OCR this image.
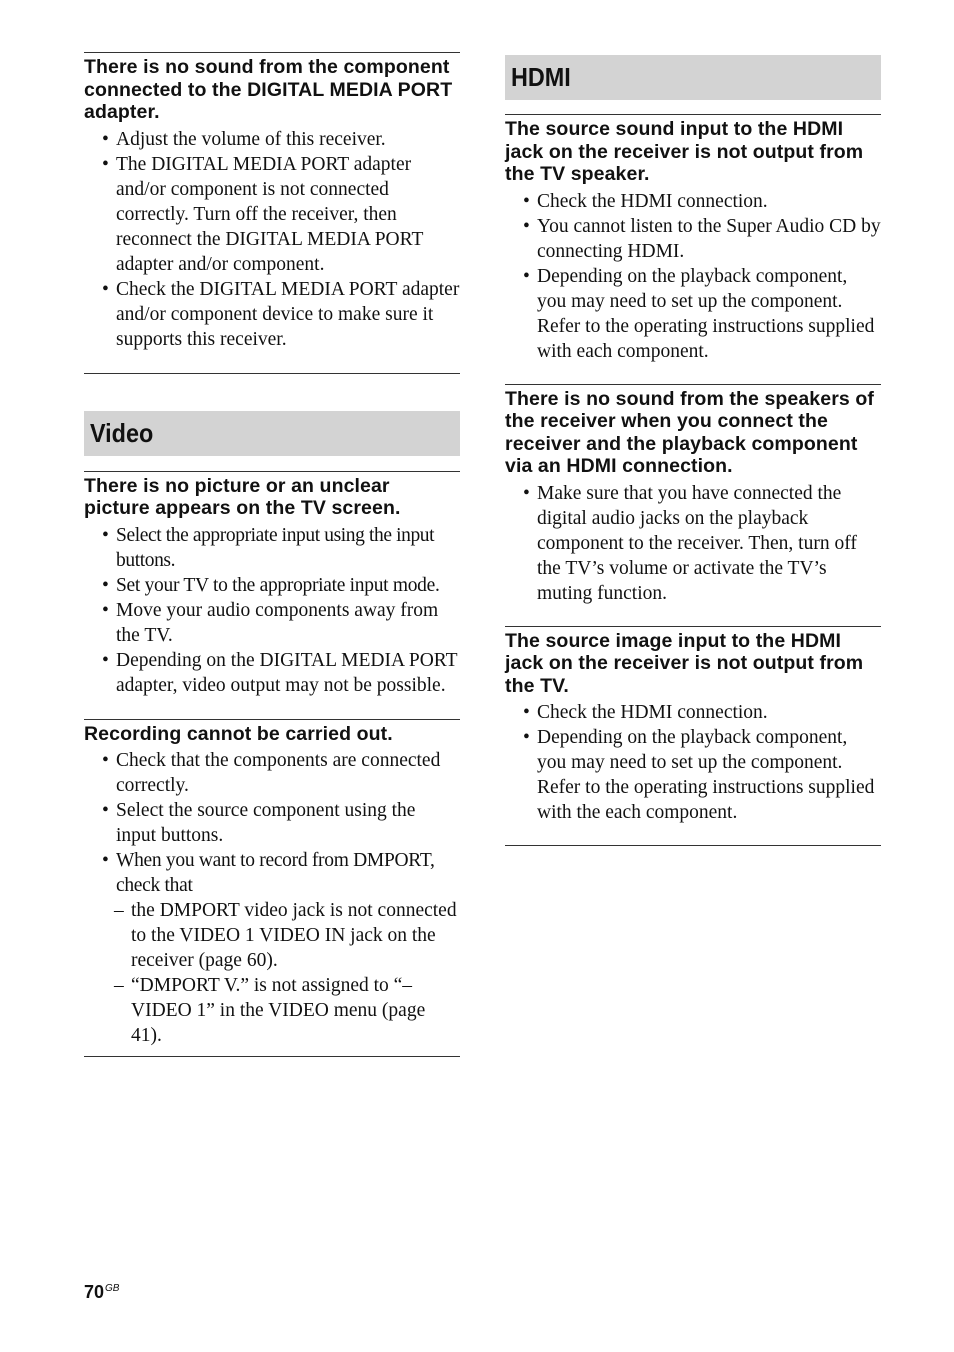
There is no sound from the component connected to the DIGITAL MEDIA PORT adapter.
• Adjust the volume of this receiver.
• The DIGITAL MEDIA PORT adapter and/or component is not connected correctly. Turn off the receiver, then reconnect the DIGITAL MEDIA PORT adapter and/or component.
• Check the DIGITAL MEDIA PORT adapter and/or component device to make sure it supports this receiver.
Video
There is no picture or an unclear picture appears on the TV screen.
• Select the appropriate input using the input buttons.
• Set your TV to the appropriate input mode.
• Move your audio components away from the TV.
• Depending on the DIGITAL MEDIA PORT adapter, video output may not be possible.
Recording cannot be carried out.
• Check that the components are connected correctly.
• Select the source component using the input buttons.
• When you want to record from DMPORT, check that
– the DMPORT video jack is not connected to the VIDEO 1 VIDEO IN jack on the receiver (page 60).
– “DMPORT V.” is not assigned to “–VIDEO 1” in the VIDEO menu (page 41).
HDMI
The source sound input to the HDMI jack on the receiver is not output from the TV speaker.
• Check the HDMI connection.
• You cannot listen to the Super Audio CD by connecting HDMI.
• Depending on the playback component, you may need to set up the component. Refer to the operating instructions supplied with each component.
There is no sound from the speakers of the receiver when you connect the receiver and the playback component via an HDMI connection.
• Make sure that you have connected the digital audio jacks on the playback component to the receiver. Then, turn off the TV’s volume or activate the TV’s muting function.
The source image input to the HDMI jack on the receiver is not output from the TV.
• Check the HDMI connection.
• Depending on the playback component, you may need to set up the component. Refer to the operating instructions supplied with the each component.
$70^{GB}$
